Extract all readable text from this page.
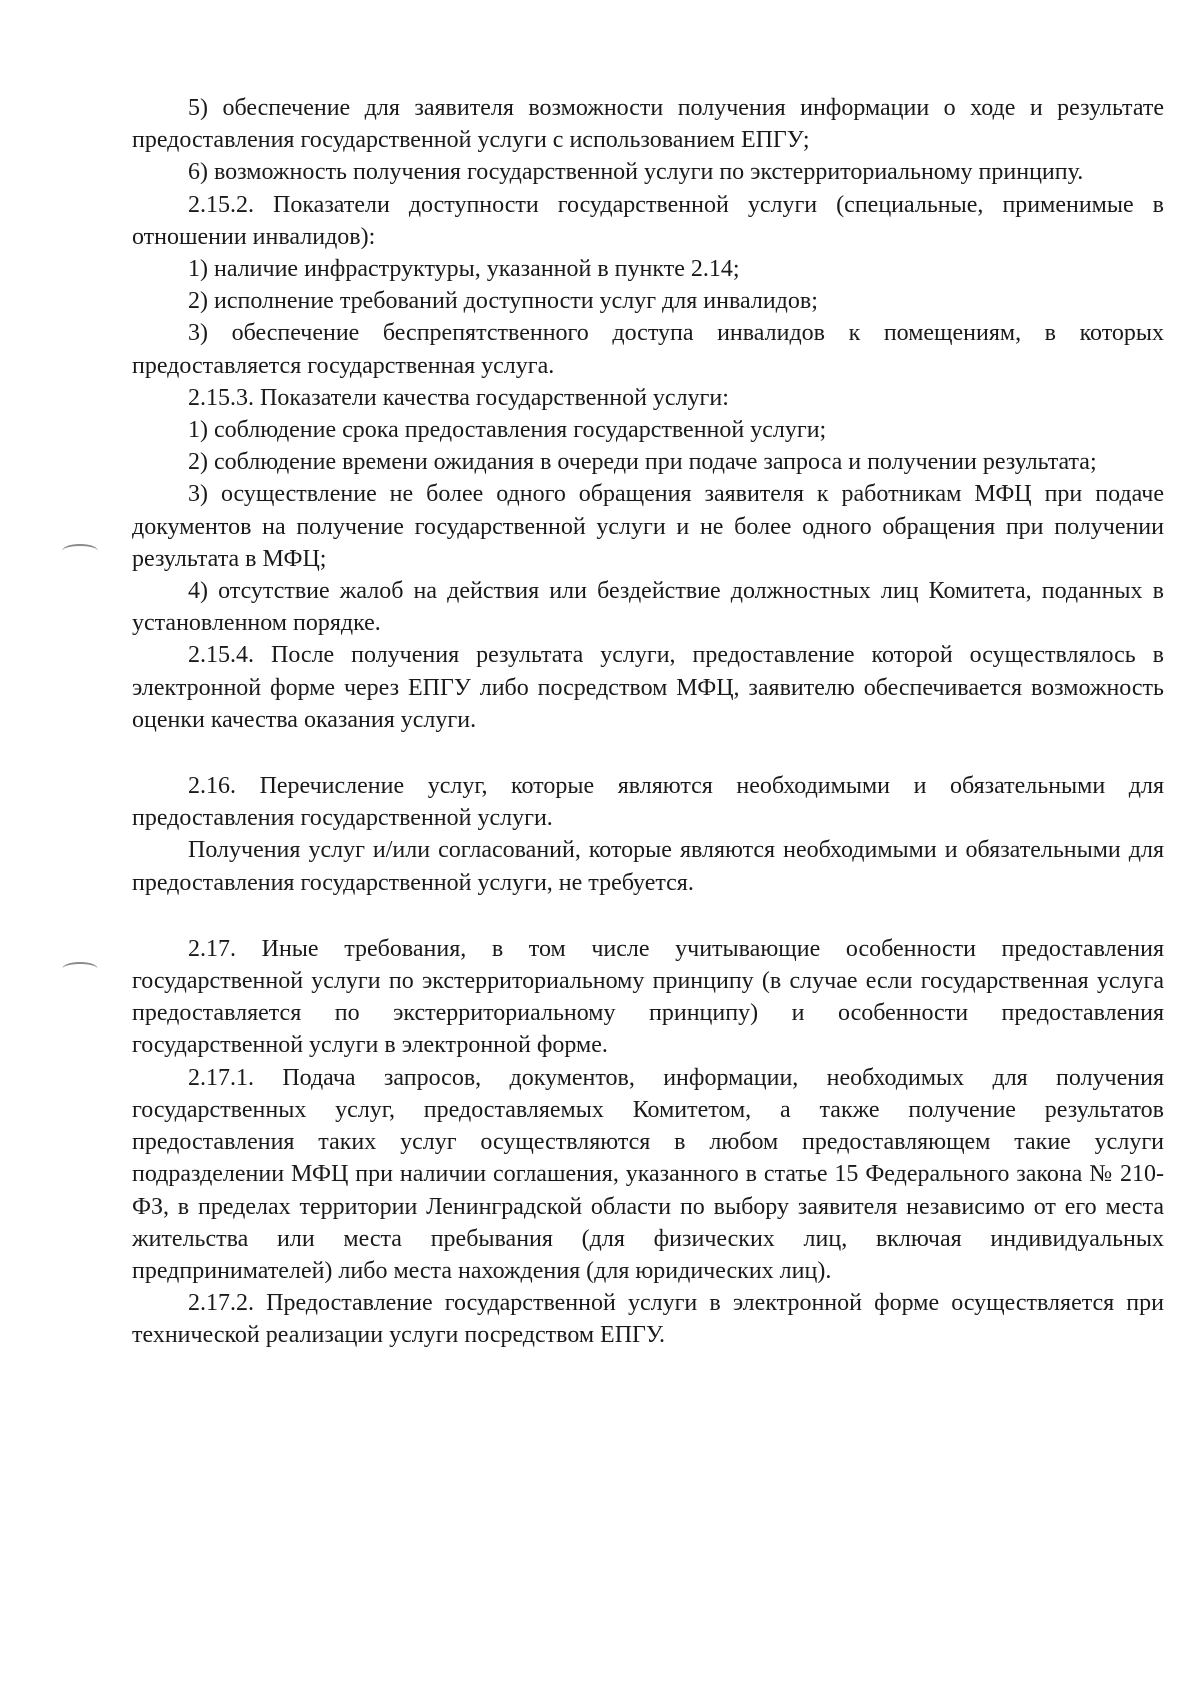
5) обеспечение для заявителя возможности получения информации о ходе и результате предоставления государственной услуги с использованием ЕПГУ;

6) возможность получения государственной услуги по экстерриториальному принципу.

2.15.2. Показатели доступности государственной услуги (специальные, применимые в отношении инвалидов):

1) наличие инфраструктуры, указанной в пункте 2.14;

2) исполнение требований доступности услуг для инвалидов;

3) обеспечение беспрепятственного доступа инвалидов к помещениям, в которых предоставляется государственная услуга.

2.15.3. Показатели качества государственной услуги:

1) соблюдение срока предоставления государственной услуги;

2) соблюдение времени ожидания в очереди при подаче запроса и получении результата;

3) осуществление не более одного обращения заявителя к работникам МФЦ при подаче документов на получение государственной услуги и не более одного обращения при получении результата в МФЦ;

4) отсутствие жалоб на действия или бездействие должностных лиц Комитета, поданных в установленном порядке.

2.15.4. После получения результата услуги, предоставление которой осуществлялось в электронной форме через ЕПГУ либо посредством МФЦ, заявителю обеспечивается возможность оценки качества оказания услуги.

2.16. Перечисление услуг, которые являются необходимыми и обязательными для предоставления государственной услуги.

Получения услуг и/или согласований, которые являются необходимыми и обязательными для предоставления государственной услуги, не требуется.

2.17. Иные требования, в том числе учитывающие особенности предоставления государственной услуги по экстерриториальному принципу (в случае если государственная услуга предоставляется по экстерриториальному принципу) и особенности предоставления государственной услуги в электронной форме.

2.17.1. Подача запросов, документов, информации, необходимых для получения государственных услуг, предоставляемых Комитетом, а также получение результатов предоставления таких услуг осуществляются в любом предоставляющем такие услуги подразделении МФЦ при наличии соглашения, указанного в статье 15 Федерального закона № 210-ФЗ, в пределах территории Ленинградской области по выбору заявителя независимо от его места жительства или места пребывания (для физических лиц, включая индивидуальных предпринимателей) либо места нахождения (для юридических лиц).

2.17.2. Предоставление государственной услуги в электронной форме осуществляется при технической реализации услуги посредством ЕПГУ.
